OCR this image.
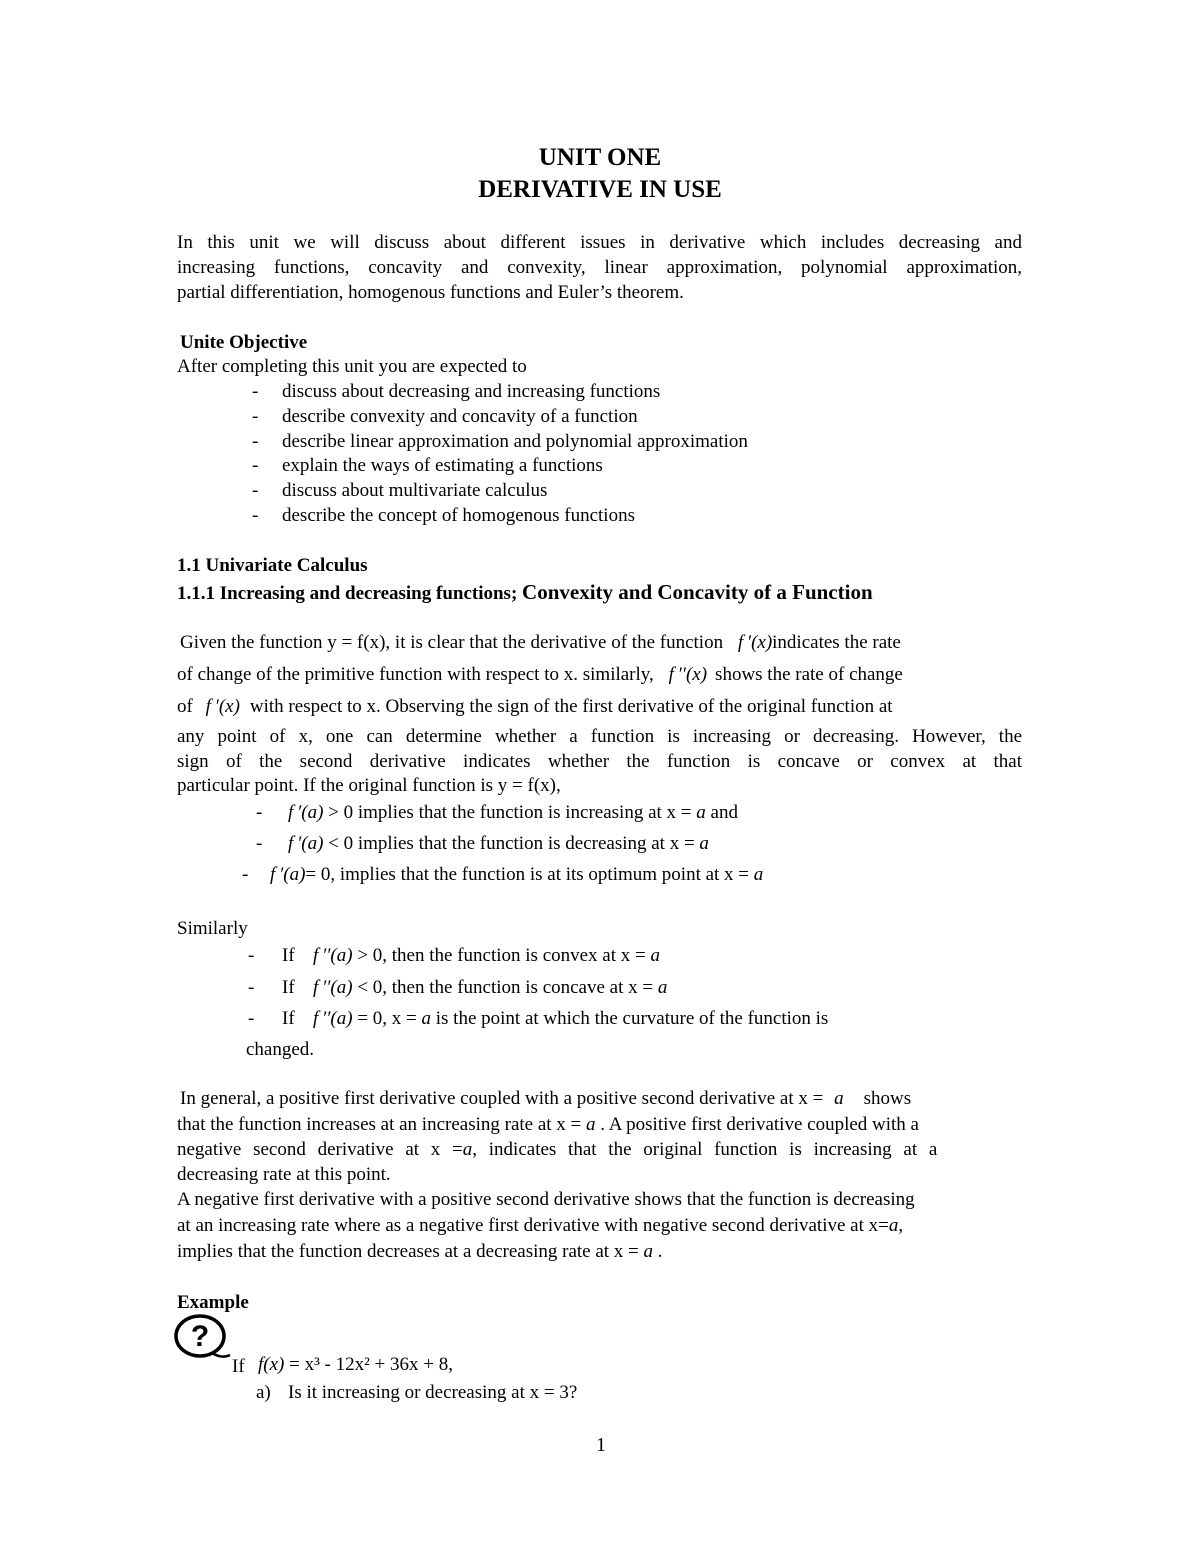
UNIT ONE
DERIVATIVE IN USE
In this unit we will discuss about different issues in derivative which includes decreasing and
increasing functions, concavity and convexity, linear approximation, polynomial approximation,
partial differentiation, homogenous functions and Euler’s theorem.
Unite Objective
After completing this unit you are expected to
- discuss about decreasing and increasing functions
- describe convexity and concavity of a function
- describe linear approximation and polynomial approximation
- explain the ways of estimating a functions
- discuss about multivariate calculus
- describe the concept of homogenous functions
1.1 Univariate Calculus
1.1.1 Increasing and decreasing functions; Convexity and Concavity of a Function
Given the function y = f(x), it is clear that the derivative of the function f ′(x)indicates the rate
of change of the primitive function with respect to x. similarly, f ′′(x) shows the rate of change
of f ′(x) with respect to x. Observing the sign of the first derivative of the original function at
any point of x, one can determine whether a function is increasing or decreasing. However, the
sign of the second derivative indicates whether the function is concave or convex at that
particular point. If the original function is y = f(x),
- f ′(a) > 0 implies that the function is increasing at x = a and
- f ′(a) < 0 implies that the function is decreasing at x = a
- f ′(a)= 0, implies that the function is at its optimum point at x = a
Similarly
- If f ′′(a) > 0, then the function is convex at x = a
- If f ′′(a) < 0, then the function is concave at x = a
- If f ′′(a) = 0, x = a is the point at which the curvature of the function is
changed.
In general, a positive first derivative coupled with a positive second derivative at x = a shows
that the function increases at an increasing rate at x = a . A positive first derivative coupled with a
negative second derivative at x =a, indicates that the original function is increasing at a
decreasing rate at this point.
A negative first derivative with a positive second derivative shows that the function is decreasing
at an increasing rate where as a negative first derivative with negative second derivative at x=a,
implies that the function decreases at a decreasing rate at x = a .
Example
?
If f(x) = x³ - 12x² + 36x + 8,
a) Is it increasing or decreasing at x = 3?
1
